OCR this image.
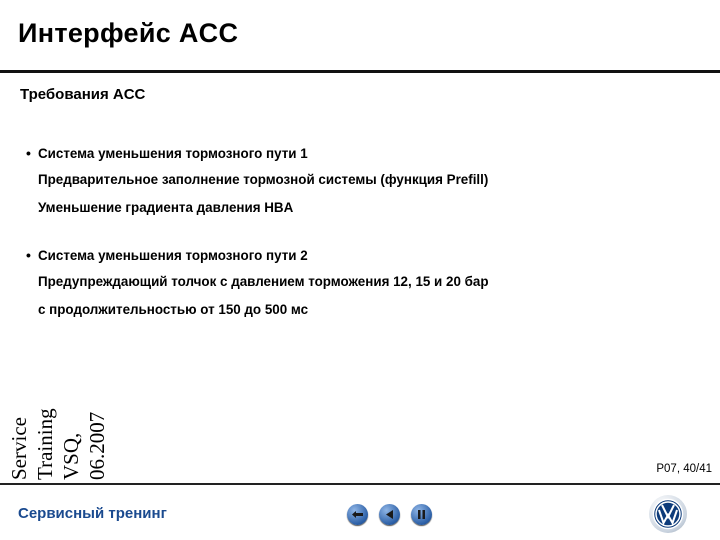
Интерфейс ACC
Требования ACC
• Система уменьшения тормозного пути 1
Предварительное заполнение тормозной системы (функция Prefill)
Уменьшение градиента давления HBA
• Система уменьшения тормозного пути 2
Предупреждающий толчок с давлением торможения 12, 15 и 20 бар
с продолжительностью от 150 до 500 мс
Service Training VSQ, 06.2007	P07, 40/41
Сервисный тренинг
